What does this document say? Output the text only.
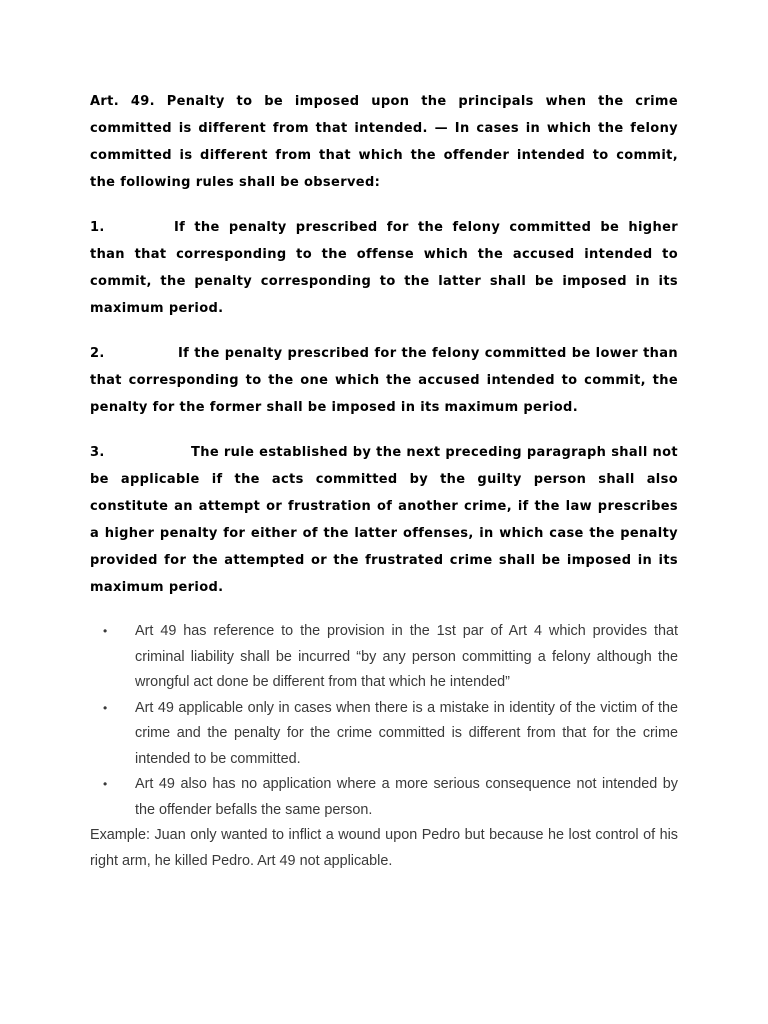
Art. 49. Penalty to be imposed upon the principals when the crime committed is different from that intended. — In cases in which the felony committed is different from that which the offender intended to commit, the following rules shall be observed:

1.	If the penalty prescribed for the felony committed be higher than that corresponding to the offense which the accused intended to commit, the penalty corresponding to the latter shall be imposed in its maximum period.

2.	If the penalty prescribed for the felony committed be lower than that corresponding to the one which the accused intended to commit, the penalty for the former shall be imposed in its maximum period.

3.	The rule established by the next preceding paragraph shall not be applicable if the acts committed by the guilty person shall also constitute an attempt or frustration of another crime, if the law prescribes a higher penalty for either of the latter offenses, in which case the penalty provided for the attempted or the frustrated crime shall be imposed in its maximum period.

• Art 49 has reference to the provision in the 1st par of Art 4 which provides that criminal liability shall be incurred “by any person committing a felony although the wrongful act done be different from that which he intended”
• Art 49 applicable only in cases when there is a mistake in identity of the victim of the crime and the penalty for the crime committed is different from that for the crime intended to be committed.
• Art 49 also has no application where a more serious consequence not intended by the offender befalls the same person.

Example: Juan only wanted to inflict a wound upon Pedro but because he lost control of his right arm, he killed Pedro. Art 49 not applicable.
